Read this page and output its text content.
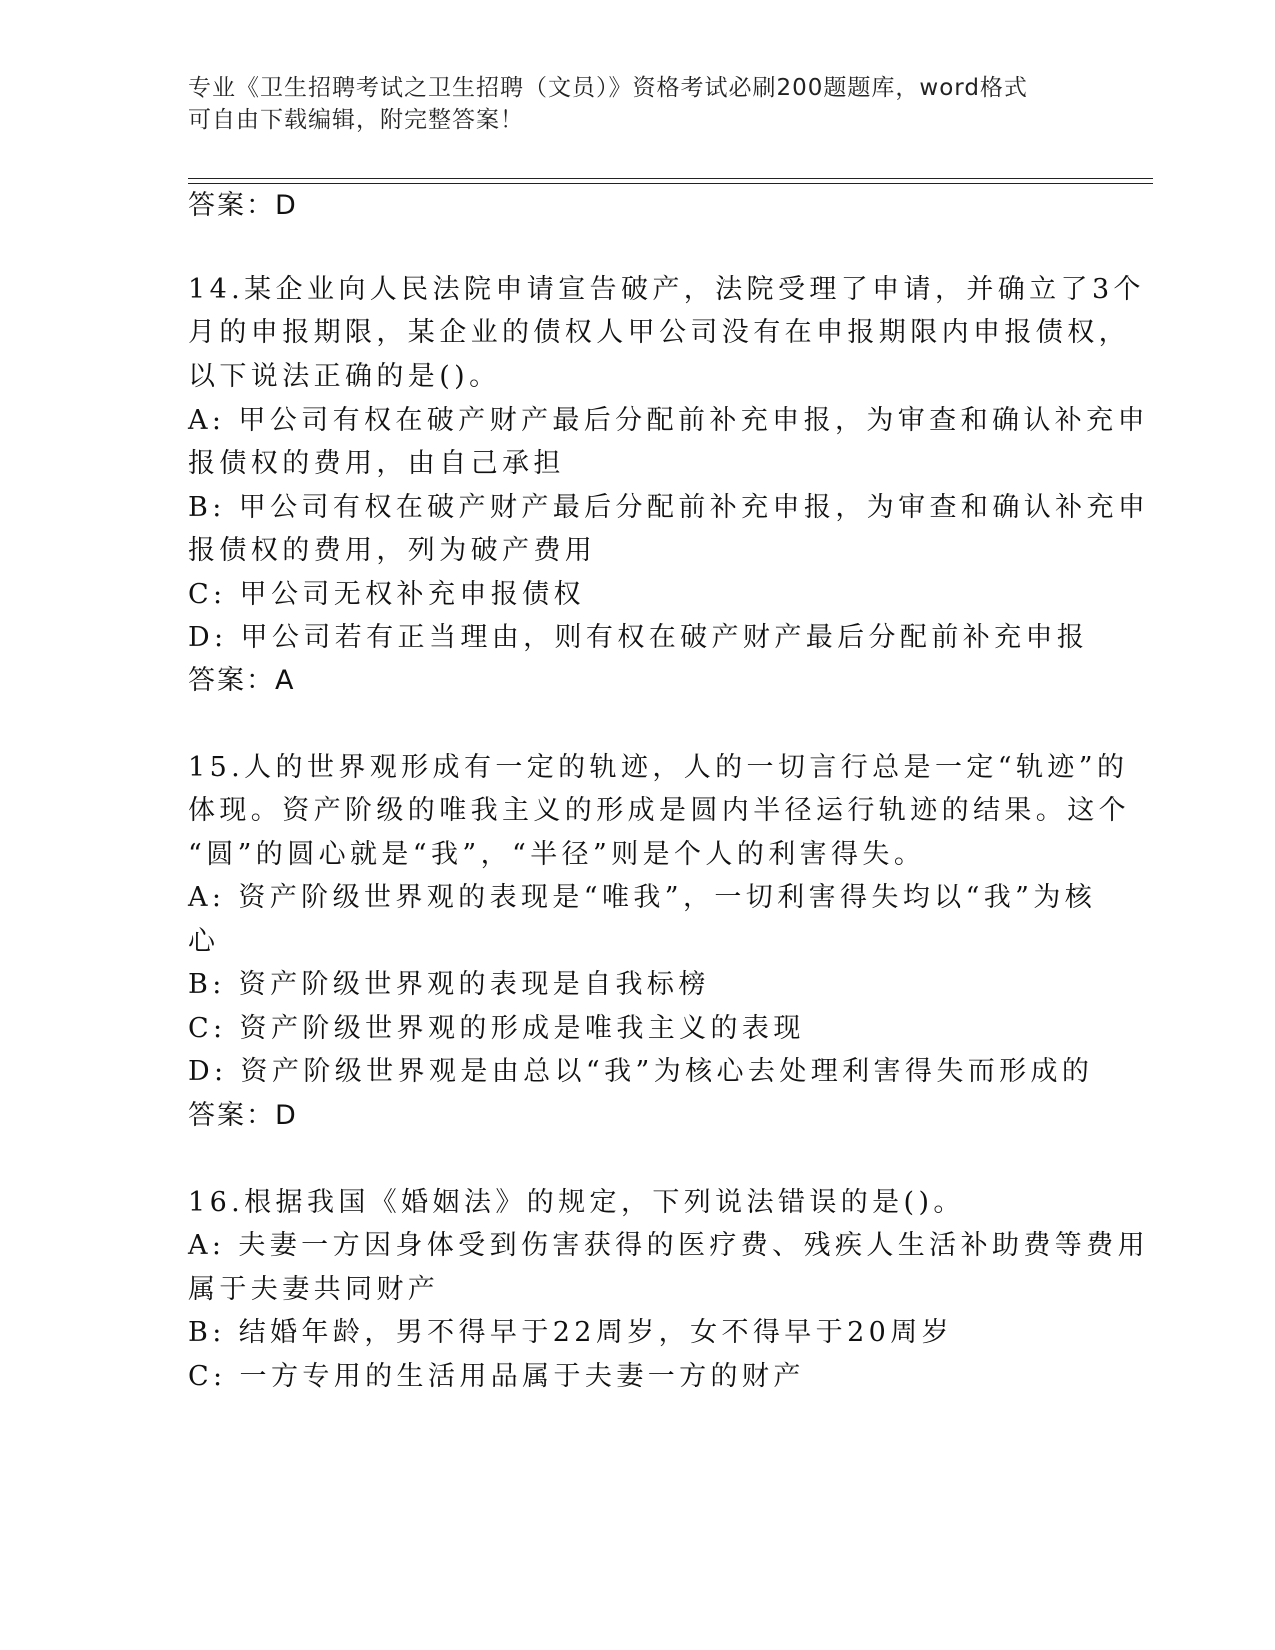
专业《卫生招聘考试之卫生招聘（文员）》资格考试必刷200题题库，word格式
可自由下载编辑，附完整答案！
答案：D
14.某企业向人民法院申请宣告破产，法院受理了申请，并确立了3个
月的申报期限，某企业的债权人甲公司没有在申报期限内申报债权，
以下说法正确的是()。
A: 甲公司有权在破产财产最后分配前补充申报，为审查和确认补充申
报债权的费用，由自己承担
B: 甲公司有权在破产财产最后分配前补充申报，为审查和确认补充申
报债权的费用，列为破产费用
C: 甲公司无权补充申报债权
D: 甲公司若有正当理由，则有权在破产财产最后分配前补充申报
答案：A
15.人的世界观形成有一定的轨迹，人的一切言行总是一定“轨迹”的
体现。资产阶级的唯我主义的形成是圆内半径运行轨迹的结果。这个
“圆”的圆心就是“我”，“半径”则是个人的利害得失。
A: 资产阶级世界观的表现是“唯我”，一切利害得失均以“我”为核
心
B: 资产阶级世界观的表现是自我标榜
C: 资产阶级世界观的形成是唯我主义的表现
D: 资产阶级世界观是由总以“我”为核心去处理利害得失而形成的
答案：D
16.根据我国《婚姻法》的规定，下列说法错误的是()。
A: 夫妻一方因身体受到伤害获得的医疗费、残疾人生活补助费等费用
属于夫妻共同财产
B: 结婚年龄，男不得早于22周岁，女不得早于20周岁
C: 一方专用的生活用品属于夫妻一方的财产
